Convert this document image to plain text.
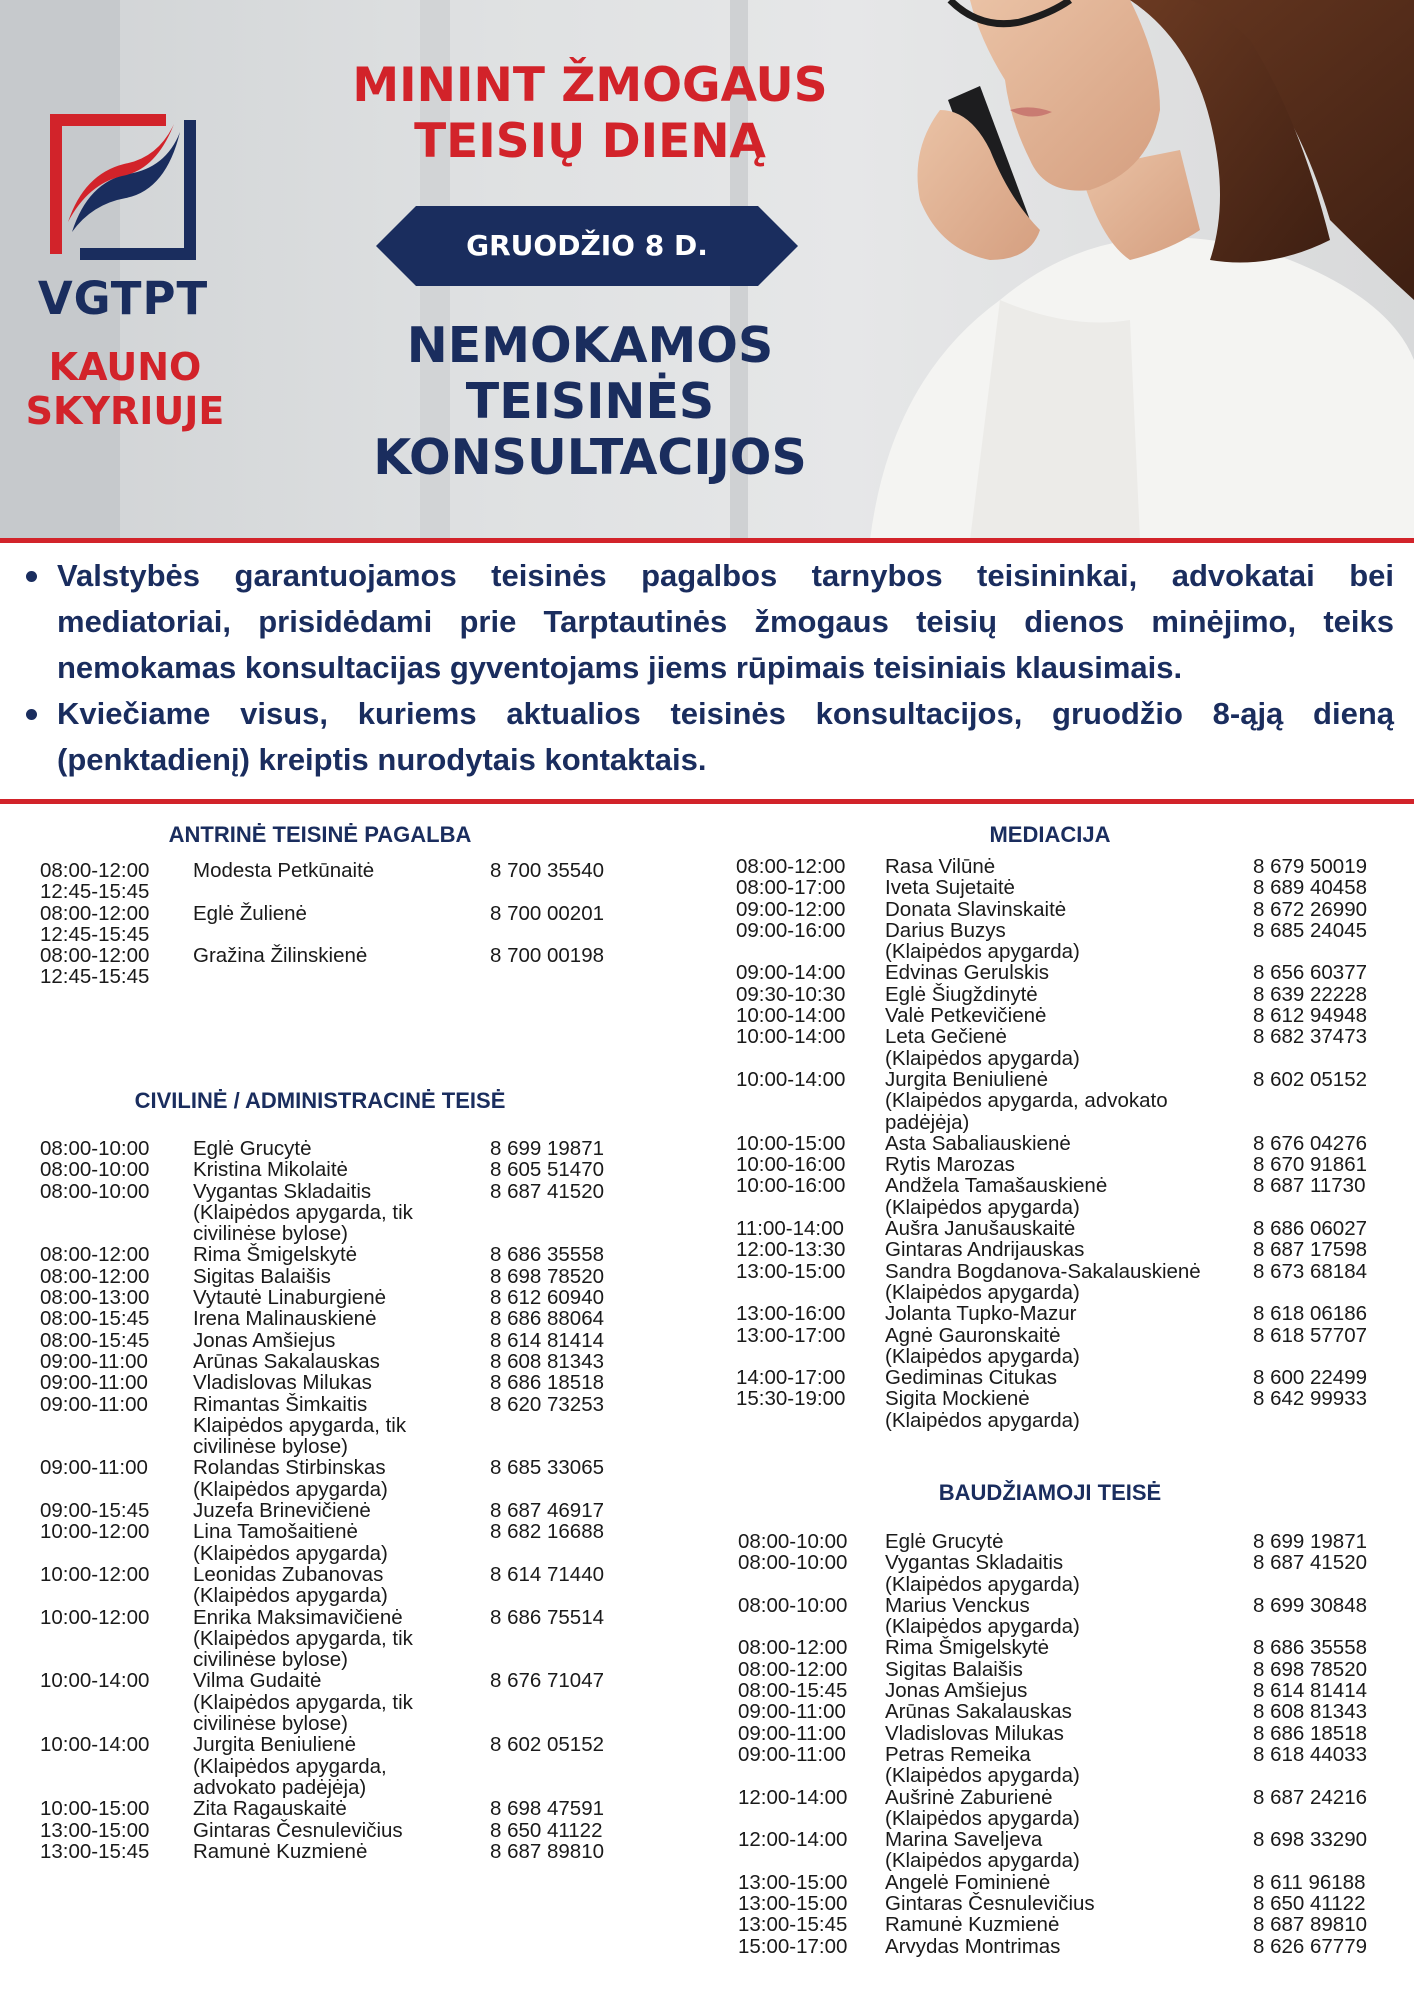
VGTPT
KAUNO SKYRIUJE
MININT ŽMOGAUS TEISIŲ DIENĄ
GRUODŽIO 8 D.
NEMOKAMOS TEISINĖS KONSULTACIJOS
Valstybės garantuojamos teisinės pagalbos tarnybos teisininkai, advokatai bei mediatoriai, prisidėdami prie Tarptautinės žmogaus teisių dienos minėjimo, teiks nemokamas konsultacijas gyventojams jiems rūpimais teisiniais klausimais.
Kviečiame visus, kuriems aktualios teisinės konsultacijos, gruodžio 8-ąją dieną (penktadienį) kreiptis nurodytais kontaktais.
ANTRINĖ TEISINĖ PAGALBA
CIVILINĖ / ADMINISTRACINĖ TEISĖ
MEDIACIJA
BAUDŽIAMOJI TEISĖ
08:00-12:00
12:45-15:45
Modesta Petkūnaitė	8 700 35540
08:00-12:00
12:45-15:45
Eglė Žulienė	8 700 00201
08:00-12:00
12:45-15:45
Gražina Žilinskienė	8 700 00198
08:00-10:00 Eglė Grucytė	8 699 19871
08:00-10:00 Kristina Mikolaitė	8 605 51470
08:00-10:00 Vygantas Skladaitis
(Klaipėdos apygarda, tik
civilinėse bylose)
8 687 41520
08:00-12:00 Rima Šmigelskytė	8 686 35558
08:00-12:00 Sigitas Balaišis	8 698 78520
08:00-13:00 Vytautė Linaburgienė	8 612 60940
08:00-15:45 Irena Malinauskienė	8 686 88064
08:00-15:45 Jonas Amšiejus	8 614 81414
09:00-11:00 Arūnas Sakalauskas	8 608 81343
09:00-11:00 Vladislovas Milukas	8 686 18518
09:00-11:00 Rimantas Šimkaitis
Klaipėdos apygarda, tik
civilinėse bylose)
8 620 73253
09:00-11:00 Rolandas Stirbinskas
(Klaipėdos apygarda)
8 685 33065
09:00-15:45 Juzefa Brinevičienė	8 687 46917
10:00-12:00 Lina Tamošaitienė
(Klaipėdos apygarda)
8 682 16688
10:00-12:00 Leonidas Zubanovas
(Klaipėdos apygarda)
8 614 71440
10:00-12:00 Enrika Maksimavičienė
(Klaipėdos apygarda, tik
civilinėse bylose)
8 686 75514
10:00-14:00 Vilma Gudaitė
(Klaipėdos apygarda, tik
civilinėse bylose)
8 676 71047
10:00-14:00 Jurgita Beniulienė
(Klaipėdos apygarda,
advokato padėjėja)
8 602 05152
10:00-15:00 Zita Ragauskaitė	8 698 47591
13:00-15:00 Gintaras Česnulevičius	8 650 41122
13:00-15:45 Ramunė Kuzmienė	8 687 89810
08:00-12:00 Rasa Vilūnė	8 679 50019
08:00-17:00 Iveta Sujetaitė	8 689 40458
09:00-12:00 Donata Slavinskaitė	8 672 26990
09:00-16:00 Darius Buzys
(Klaipėdos apygarda)
8 685 24045
09:00-14:00 Edvinas Gerulskis	8 656 60377
09:30-10:30 Eglė Šiugždinytė	8 639 22228
10:00-14:00 Valė Petkevičienė	8 612 94948
10:00-14:00 Leta Gečienė
(Klaipėdos apygarda)
8 682 37473
10:00-14:00 Jurgita Beniulienė
(Klaipėdos apygarda, advokato
padėjėja)
8 602 05152
10:00-15:00 Asta Sabaliauskienė	8 676 04276
10:00-16:00 Rytis Marozas	8 670 91861
10:00-16:00 Andželа Tamašauskienė
(Klaipėdos apygarda)
8 687 11730
11:00-14:00 Aušra Janušauskaitė	8 686 06027
12:00-13:30 Gintaras Andrijauskas	8 687 17598
13:00-15:00 Sandra Bogdanova-Sakalauskienė
(Klaipėdos apygarda)
8 673 68184
13:00-16:00 Jolanta Tupko-Mazur	8 618 06186
13:00-17:00 Agnė Gauronskaitė
(Klaipėdos apygarda)
8 618 57707
14:00-17:00 Gediminas Citukas	8 600 22499
15:30-19:00 Sigita Mockienė
(Klaipėdos apygarda)
8 642 99933
08:00-10:00 Eglė Grucytė	8 699 19871
08:00-10:00 Vygantas Skladaitis
(Klaipėdos apygarda)
8 687 41520
08:00-10:00 Marius Venckus
(Klaipėdos apygarda)
8 699 30848
08:00-12:00 Rima Šmigelskytė	8 686 35558
08:00-12:00 Sigitas Balaišis	8 698 78520
08:00-15:45 Jonas Amšiejus	8 614 81414
09:00-11:00 Arūnas Sakalauskas	8 608 81343
09:00-11:00 Vladislovas Milukas	8 686 18518
09:00-11:00 Petras Remeika
(Klaipėdos apygarda)
8 618 44033
12:00-14:00 Aušrinė Zaburienė
(Klaipėdos apygarda)
8 687 24216
12:00-14:00 Marina Saveljeva
(Klaipėdos apygarda)
8 698 33290
13:00-15:00 Angelė Fominienė	8 611 96188
13:00-15:00 Gintaras Česnulevičius	8 650 41122
13:00-15:45 Ramunė Kuzmienė	8 687 89810
15:00-17:00 Arvydas Montrimas	8 626 67779
